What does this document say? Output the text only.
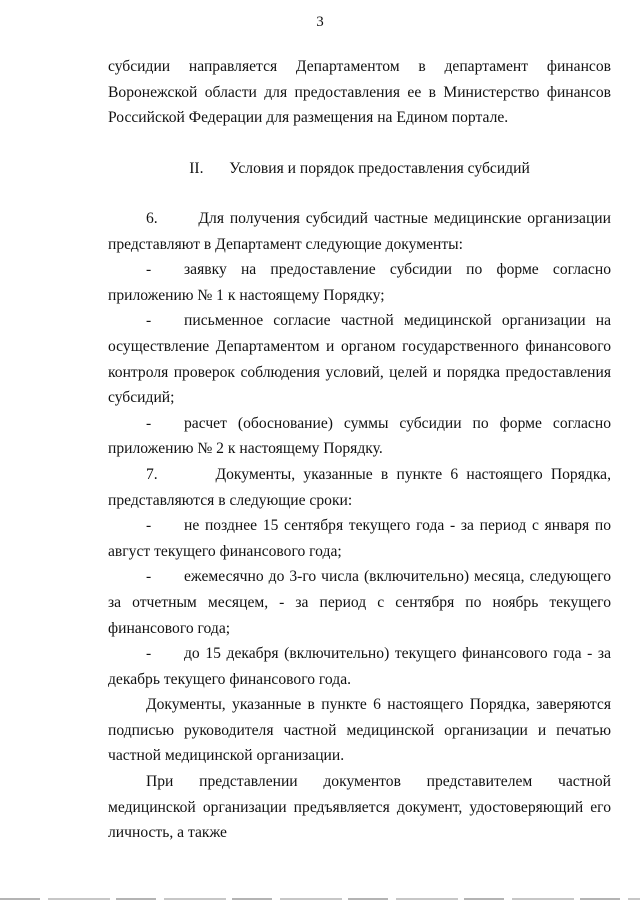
3

субсидии направляется Департаментом в департамент финансов Воронежской области для предоставления ее в Министерство финансов Российской Федерации для размещения на Едином портале.

II. Условия и порядок предоставления субсидий

6.	Для получения субсидий частные медицинские организации представляют в Департамент следующие документы:

- заявку на предоставление субсидии по форме согласно приложению № 1 к настоящему Порядку;

- письменное согласие частной медицинской организации на осуществление Департаментом и органом государственного финансового контроля проверок соблюдения условий, целей и порядка предоставления субсидий;

- расчет (обоснование) суммы субсидии по форме согласно приложению № 2 к настоящему Порядку.

7.	Документы, указанные в пункте 6 настоящего Порядка, представляются в следующие сроки:

- не позднее 15 сентября текущего года - за период с января по август текущего финансового года;

- ежемесячно до 3-го числа (включительно) месяца, следующего за отчетным месяцем, - за период с сентября по ноябрь текущего финансового года;

- до 15 декабря (включительно) текущего финансового года - за декабрь текущего финансового года.

Документы, указанные в пункте 6 настоящего Порядка, заверяются подписью руководителя частной медицинской организации и печатью частной медицинской организации.

При представлении документов представителем частной медицинской организации предъявляется документ, удостоверяющий его личность, а также
